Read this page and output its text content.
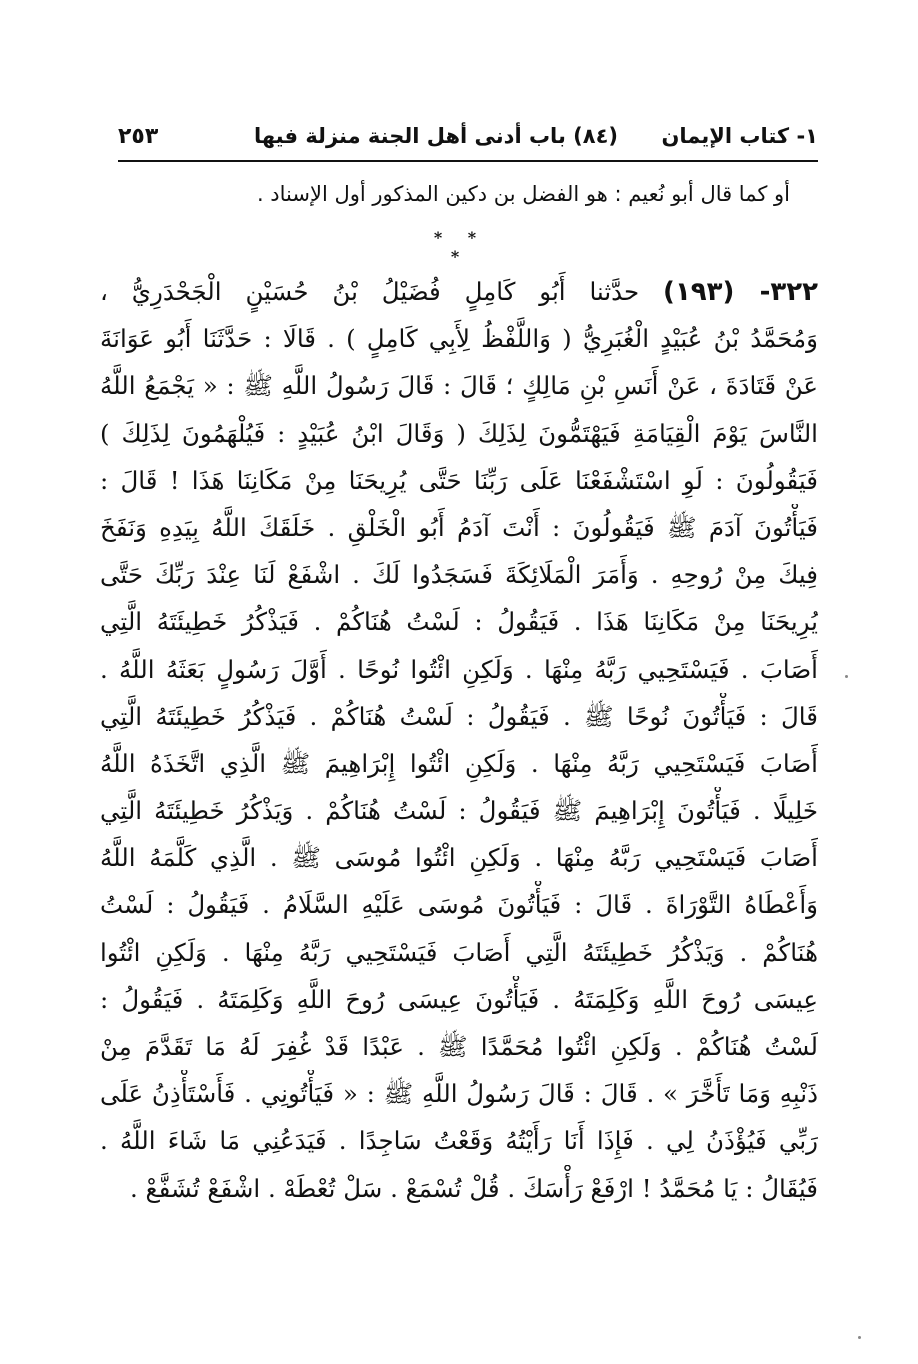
١- كتاب الإيمان
(٨٤) باب أدنى أهل الجنة منزلة فيها
٢٥٣
أو كما قال أبو نُعيم : هو الفضل بن دكين المذكور أول الإسناد .
* * *
٣٢٢- (١٩٣) حدَّثنا أَبُو كَامِلٍ فُضَيْلُ بْنُ حُسَيْنٍ الْجَحْدَرِيُّ ،
وَمُحَمَّدُ بْنُ عُبَيْدٍ الْغُبَرِيُّ ( وَاللَّفْظُ لِأَبِي كَامِلٍ ) . قَالَا : حَدَّثَنَا أَبُو عَوَانَةَ
عَنْ قَتَادَةَ ، عَنْ أَنَسِ بْنِ مَالِكٍ ؛ قَالَ : قَالَ رَسُولُ اللَّهِ ﷺ : « يَجْمَعُ اللَّهُ
النَّاسَ يَوْمَ الْقِيَامَةِ فَيَهْتَمُّونَ لِذَلِكَ ( وَقَالَ ابْنُ عُبَيْدٍ : فَيُلْهَمُونَ لِذَلِكَ )
فَيَقُولُونَ : لَوِ اسْتَشْفَعْنَا عَلَى رَبِّنَا حَتَّى يُرِيحَنَا مِنْ مَكَانِنَا هَذَا ! قَالَ :
فَيَأْتُونَ آدَمَ ﷺ فَيَقُولُونَ : أَنْتَ آدَمُ أَبُو الْخَلْقِ . خَلَقَكَ اللَّهُ بِيَدِهِ وَنَفَخَ
فِيكَ مِنْ رُوحِهِ . وَأَمَرَ الْمَلَائِكَةَ فَسَجَدُوا لَكَ . اشْفَعْ لَنَا عِنْدَ رَبِّكَ حَتَّى
يُرِيحَنَا مِنْ مَكَانِنَا هَذَا . فَيَقُولُ : لَسْتُ هُنَاكُمْ . فَيَذْكُرُ خَطِيئَتَهُ الَّتِي
أَصَابَ . فَيَسْتَحِيي رَبَّهُ مِنْهَا . وَلَكِنِ ائْتُوا نُوحًا . أَوَّلَ رَسُولٍ بَعَثَهُ اللَّهُ .
قَالَ : فَيَأْتُونَ نُوحًا ﷺ . فَيَقُولُ : لَسْتُ هُنَاكُمْ . فَيَذْكُرُ خَطِيئَتَهُ الَّتِي
أَصَابَ فَيَسْتَحِيي رَبَّهُ مِنْهَا . وَلَكِنِ ائْتُوا إِبْرَاهِيمَ ﷺ الَّذِي اتَّخَذَهُ اللَّهُ
خَلِيلًا . فَيَأْتُونَ إِبْرَاهِيمَ ﷺ فَيَقُولُ : لَسْتُ هُنَاكُمْ . وَيَذْكُرُ خَطِيئَتَهُ الَّتِي
أَصَابَ فَيَسْتَحِيي رَبَّهُ مِنْهَا . وَلَكِنِ ائْتُوا مُوسَى ﷺ . الَّذِي كَلَّمَهُ اللَّهُ
وَأَعْطَاهُ التَّوْرَاةَ . قَالَ : فَيَأْتُونَ مُوسَى عَلَيْهِ السَّلَامُ . فَيَقُولُ : لَسْتُ
هُنَاكُمْ . وَيَذْكُرُ خَطِيئَتَهُ الَّتِي أَصَابَ فَيَسْتَحِيي رَبَّهُ مِنْهَا . وَلَكِنِ ائْتُوا
عِيسَى رُوحَ اللَّهِ وَكَلِمَتَهُ . فَيَأْتُونَ عِيسَى رُوحَ اللَّهِ وَكَلِمَتَهُ . فَيَقُولُ :
لَسْتُ هُنَاكُمْ . وَلَكِنِ ائْتُوا مُحَمَّدًا ﷺ . عَبْدًا قَدْ غُفِرَ لَهُ مَا تَقَدَّمَ مِنْ
ذَنْبِهِ وَمَا تَأَخَّرَ » . قَالَ : قَالَ رَسُولُ اللَّهِ ﷺ : « فَيَأْتُونِي . فَأَسْتَأْذِنُ عَلَى
رَبِّي فَيُؤْذَنُ لِي . فَإِذَا أَنَا رَأَيْتُهُ وَقَعْتُ سَاجِدًا . فَيَدَعُنِي مَا شَاءَ اللَّهُ .
فَيُقَالُ : يَا مُحَمَّدُ ! ارْفَعْ رَأْسَكَ . قُلْ تُسْمَعْ . سَلْ تُعْطَهْ . اشْفَعْ تُشَفَّعْ .
